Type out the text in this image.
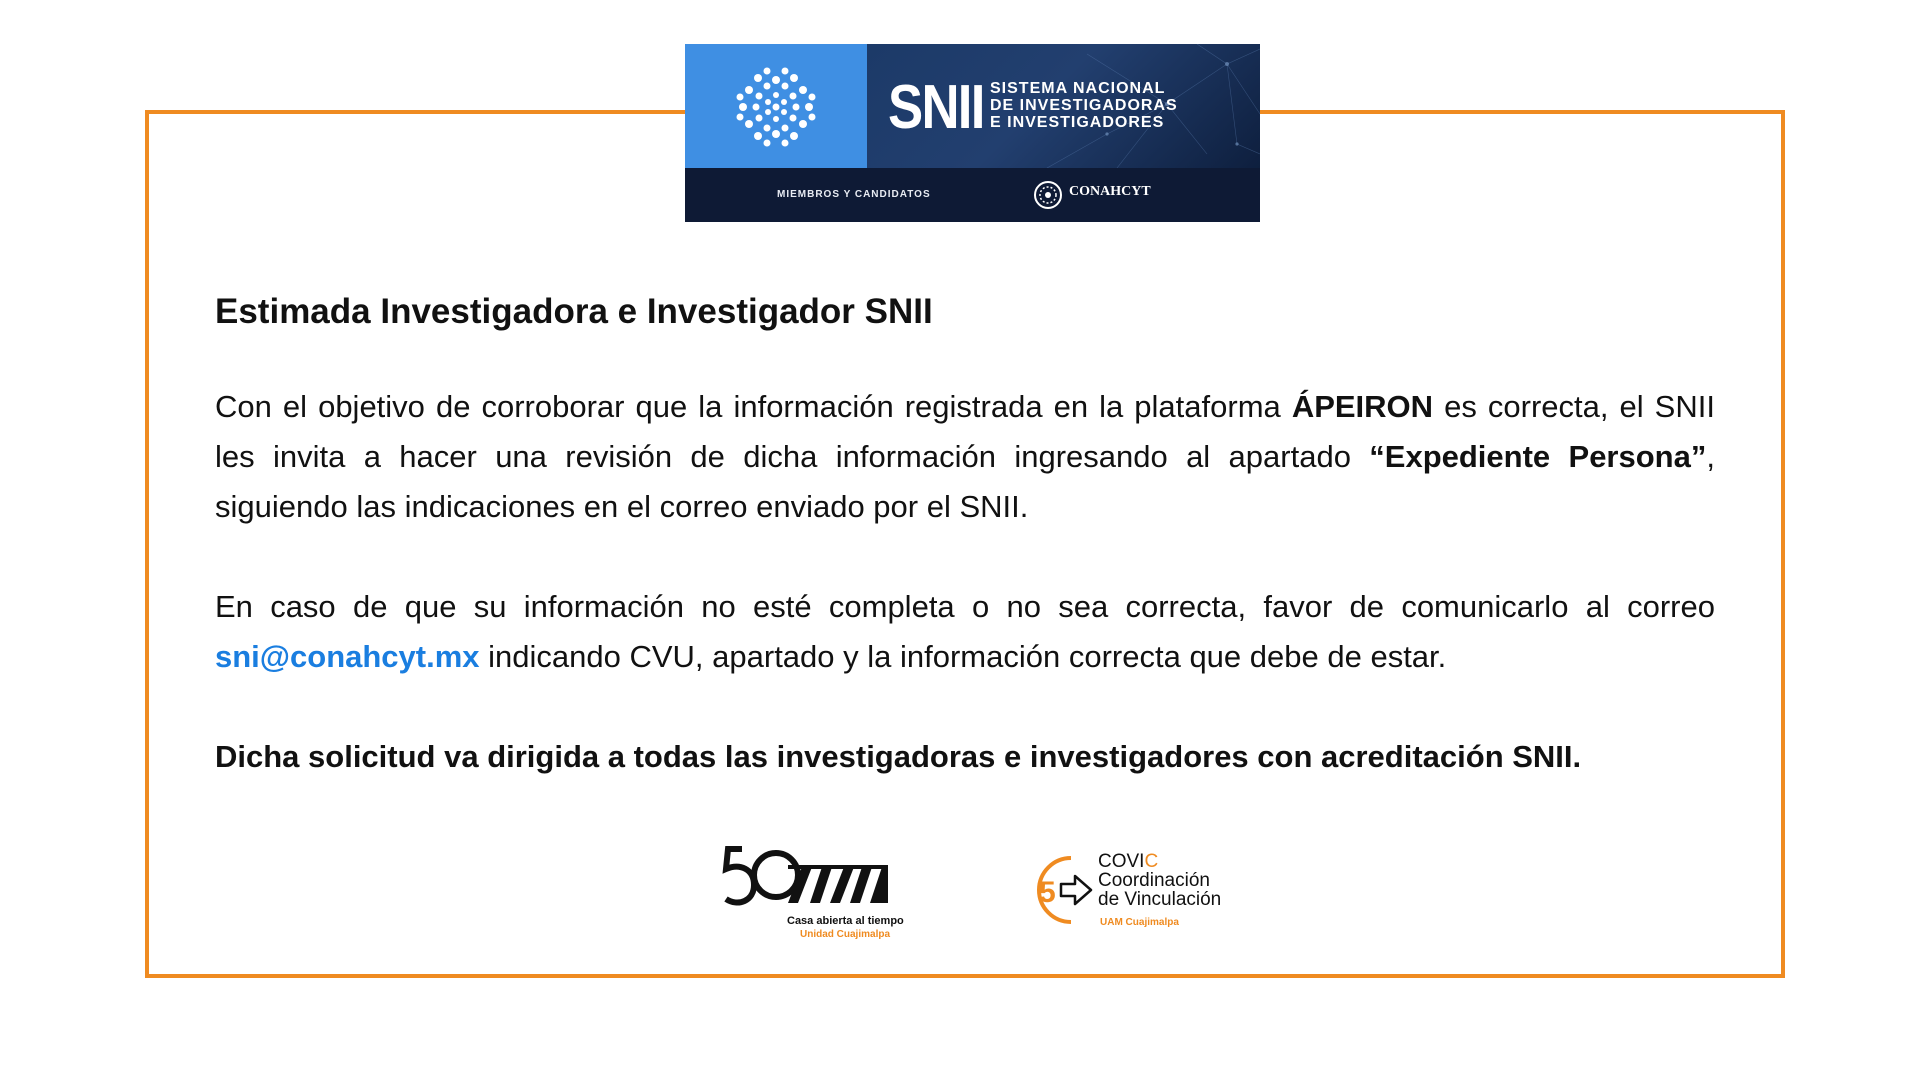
SNII SISTEMA NACIONAL
DE INVESTIGADORAS
E INVESTIGADORES
MIEMBROS Y CANDIDATOS	CONAHCYT
Estimada Investigadora e Investigador SNII

Con el objetivo de corroborar que la información registrada en la plataforma ÁPEIRON es correcta, el SNII les invita a hacer una revisión de dicha información ingresando al apartado “Expediente Persona”, siguiendo las indicaciones en el correo enviado por el SNII.

En caso de que su información no esté completa o no sea correcta, favor de comunicarlo al correo sni@conahcyt.mx indicando CVU, apartado y la información correcta que debe de estar.

Dicha solicitud va dirigida a todas las investigadoras e investigadores con acreditación SNII.

Casa abierta al tiempo
Unidad Cuajimalpa
5
COVIC
Coordinación
de Vinculación
UAM Cuajimalpa
